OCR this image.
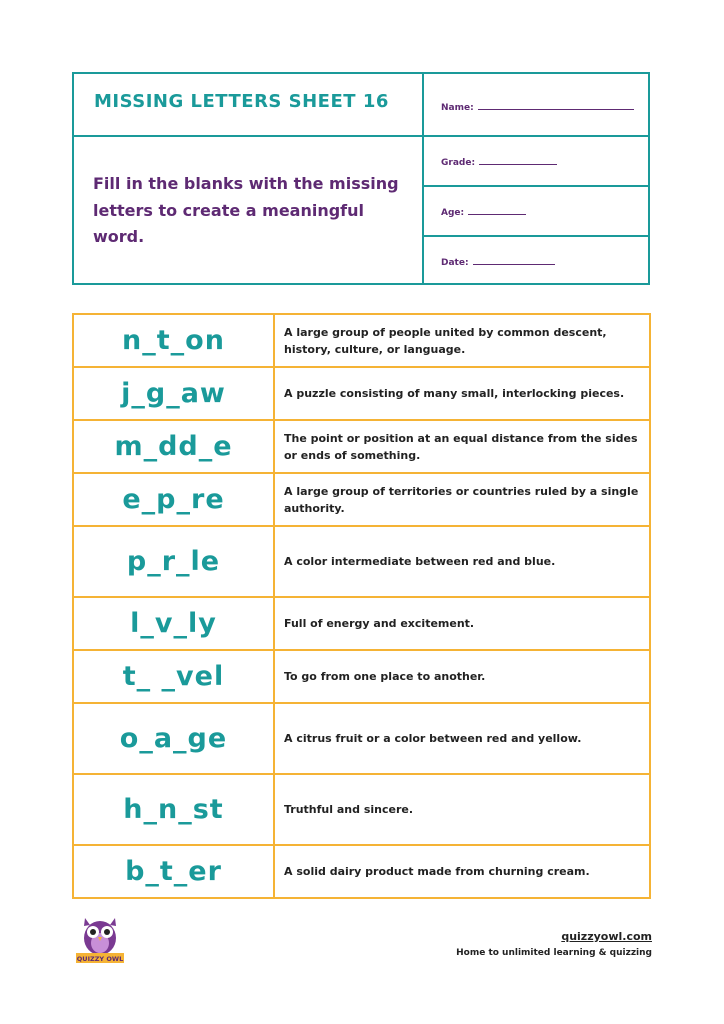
MISSING LETTERS SHEET 16
Fill in the blanks with the missing letters to create a meaningful word.
Name:
Grade:
Age:
Date:
n_t_on	A large group of people united by common descent, history, culture, or language.
j_g_aw	A puzzle consisting of many small, interlocking pieces.
m_dd_e	The point or position at an equal distance from the sides or ends of something.
e_p_re	A large group of territories or countries ruled by a single authority.
p_r_le	A color intermediate between red and blue.
l_v_ly	Full of energy and excitement.
t_ _vel	To go from one place to another.
o_a_ge	A citrus fruit or a color between red and yellow.
h_n_st	Truthful and sincere.
b_t_er	A solid dairy product made from churning cream.
QUIZZY OWL
quizzyowl.com
Home to unlimited learning & quizzing
